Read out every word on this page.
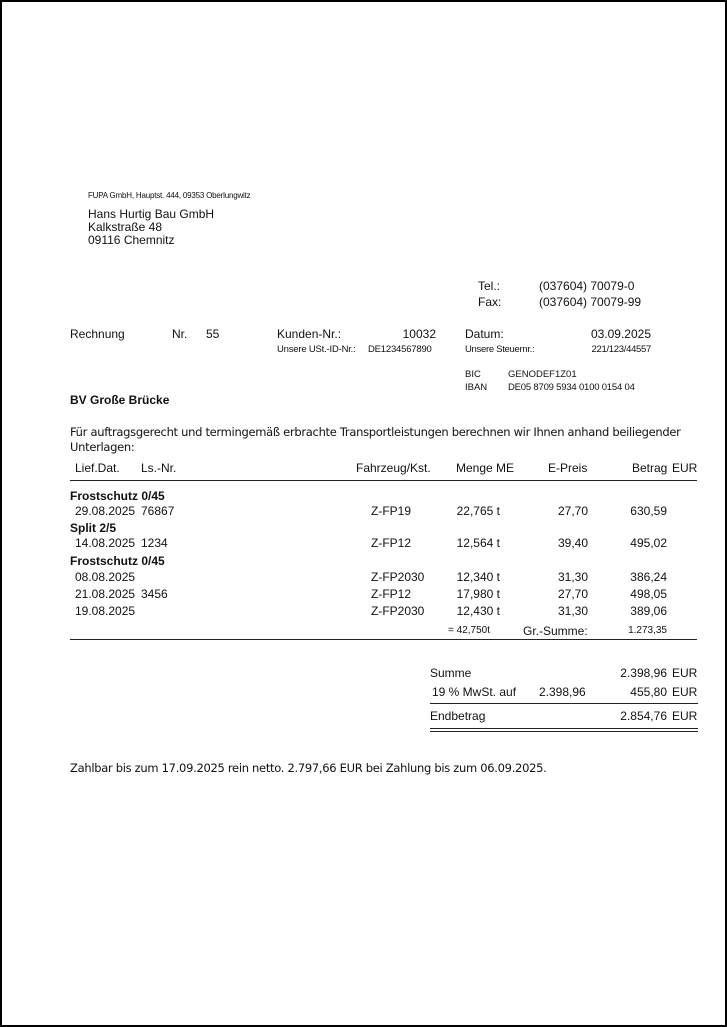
FUPA GmbH, Hauptst. 444, 09353 Oberlungwitz
Hans Hurtig Bau GmbH
Kalkstraße 48
09116 Chemnitz
Tel.:	(037604) 70079-0
Fax:	(037604) 70079-99
Rechnung	Nr. 55	Kunden-Nr.:	10032
Unsere USt.-ID-Nr.: DE1234567890
Datum:	03.09.2025
Unsere Steuernr.:	221/123/44557
BIC	GENODEF1Z01
IBAN DE05 8709 5934 0100 0154 04
BV Große Brücke
Für auftragsgerecht und termingemäß erbrachte Transportleistungen berechnen wir Ihnen anhand beiliegender
Unterlagen:
Lief.Dat. Ls.-Nr.	Fahrzeug/Kst. Menge ME	E-Preis	Betrag EUR
Frostschutz 0/45
29.08.2025 76867	Z-FP19	22,765 t	27,70	630,59
Split 2/5
14.08.2025 1234	Z-FP12	12,564 t	39,40	495,02
Frostschutz 0/45
08.08.2025	Z-FP2030	12,340 t	31,30	386,24
21.08.2025 3456	Z-FP12	17,980 t	27,70	498,05
19.08.2025	Z-FP2030	12,430 t	31,30	389,06
= 42,750t	Gr.-Summe:	1.273,35
Summe	2.398,96 EUR
19 % MwSt. auf 2.398,96	455,80 EUR
Endbetrag	2.854,76 EUR
Zahlbar bis zum 17.09.2025 rein netto. 2.797,66 EUR bei Zahlung bis zum 06.09.2025.
